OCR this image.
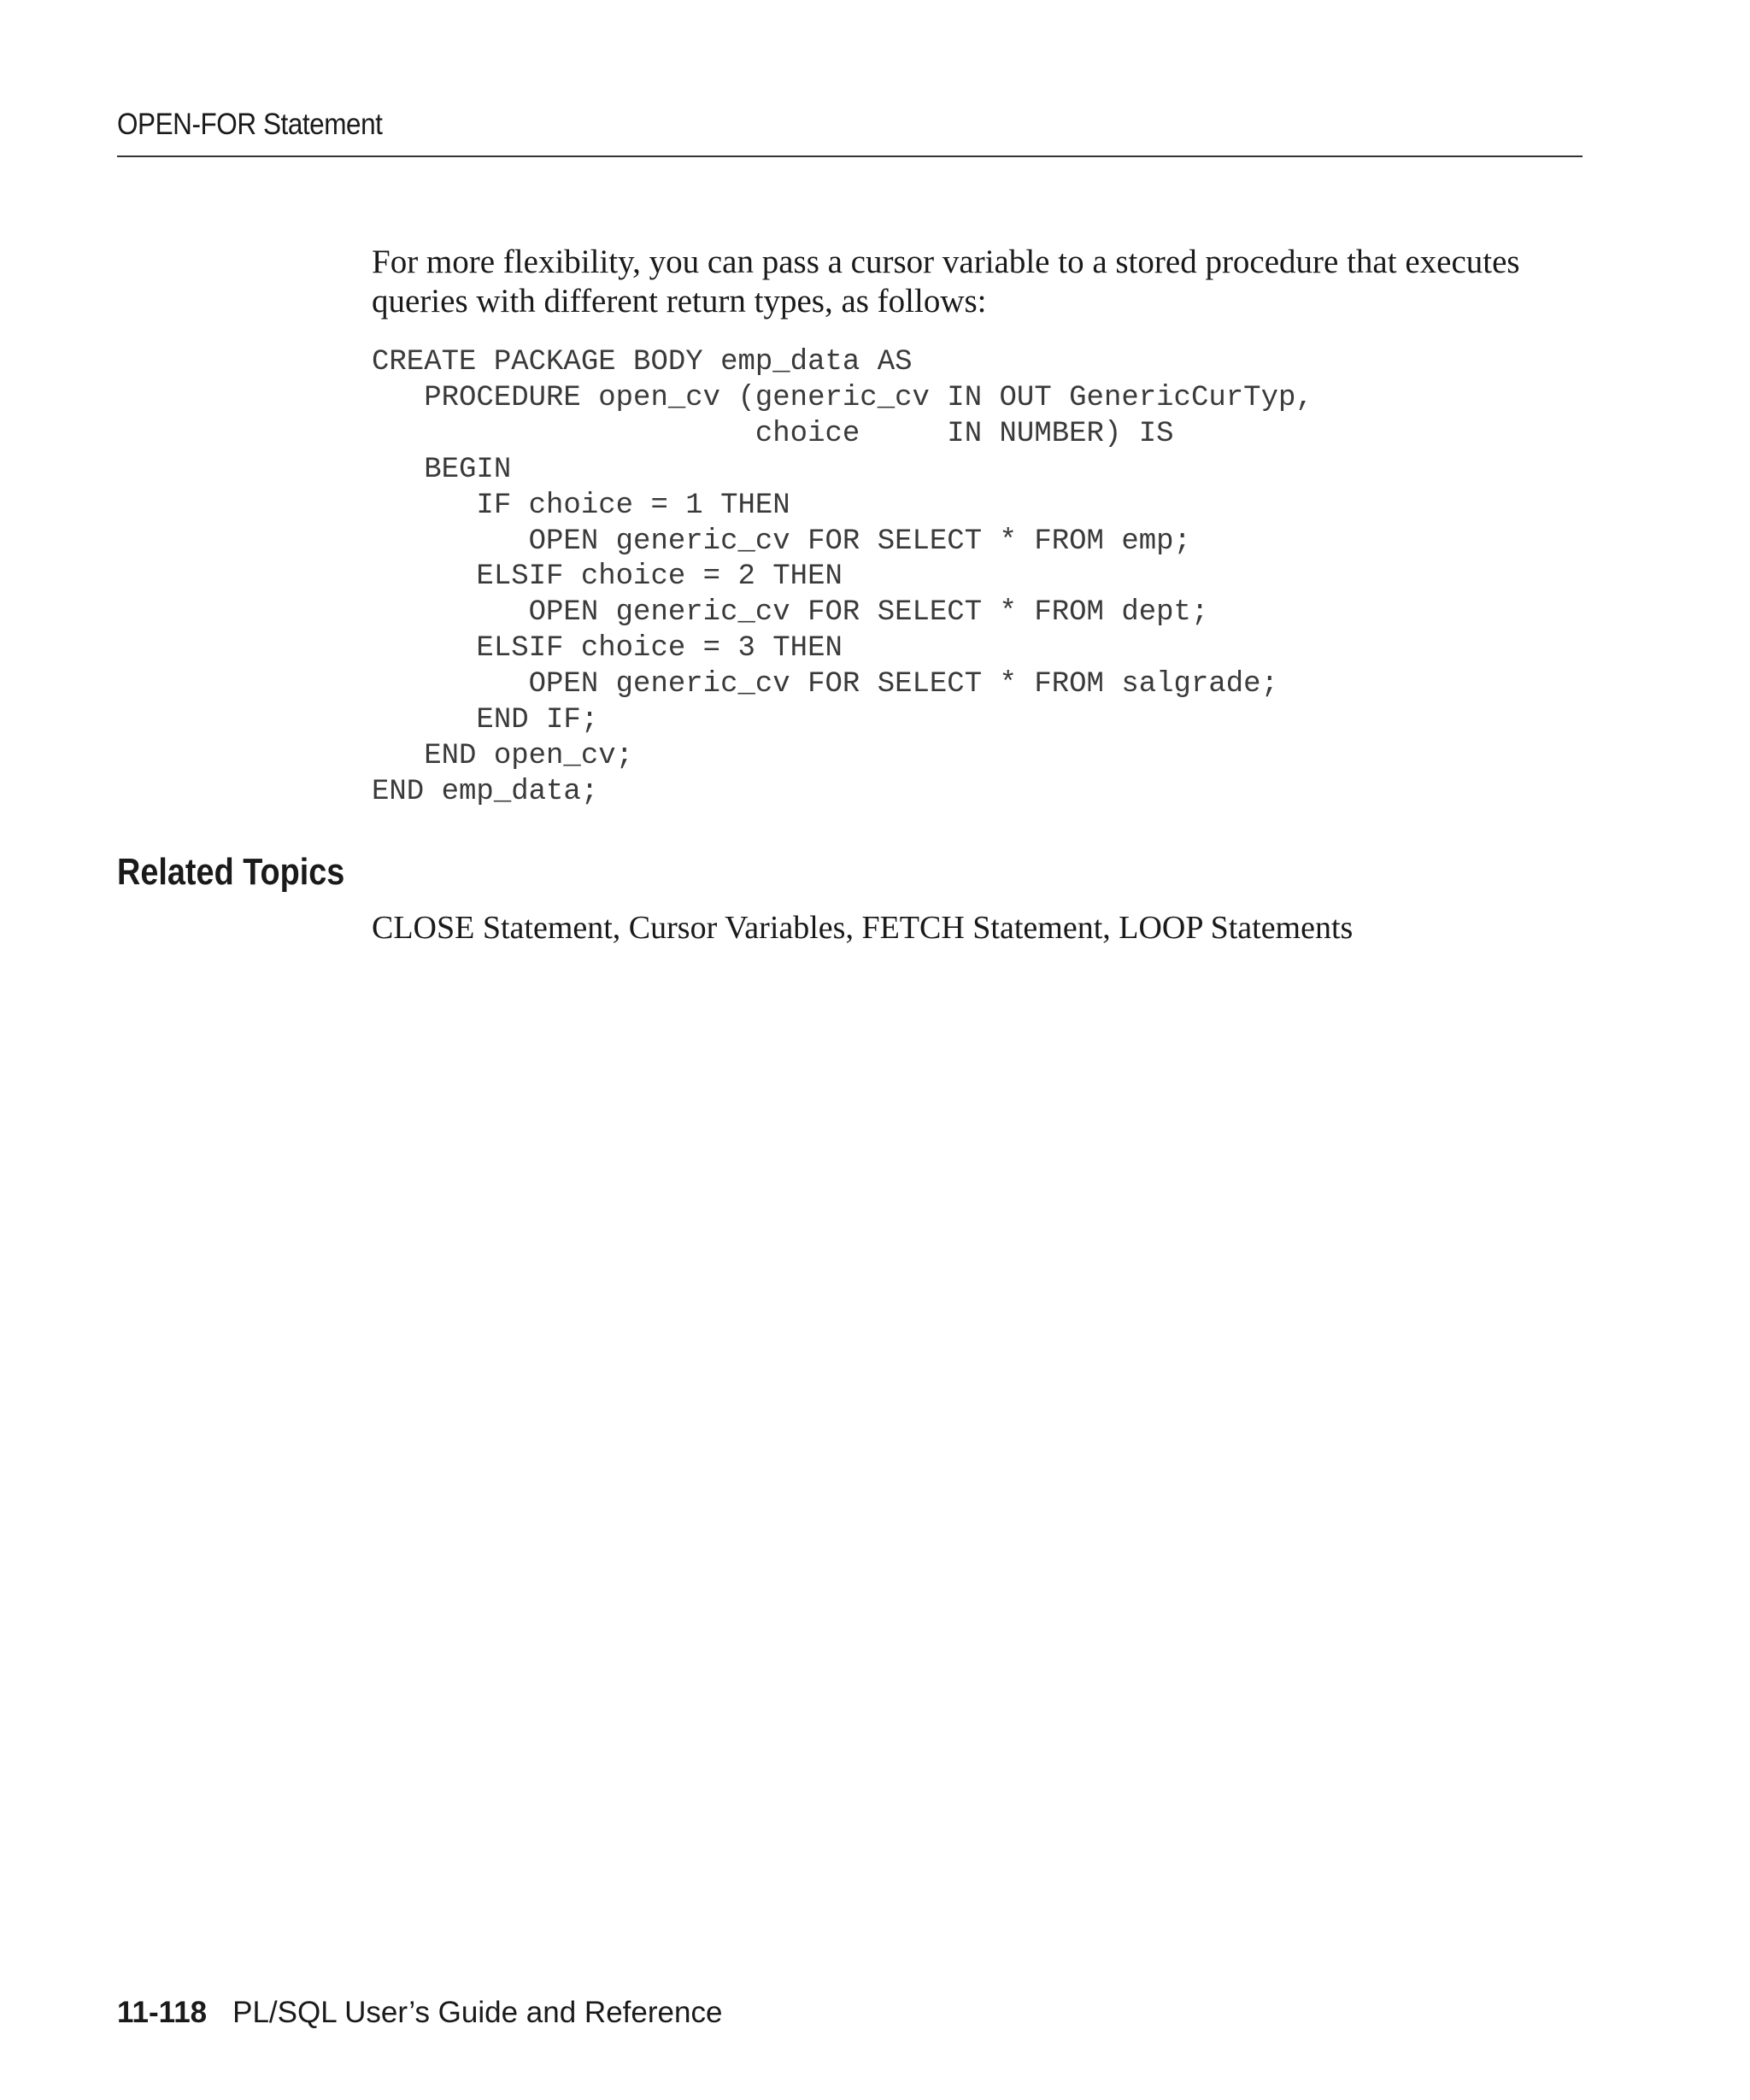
OPEN-FOR Statement

For more flexibility, you can pass a cursor variable to a stored procedure that executes queries with different return types, as follows:

CREATE PACKAGE BODY emp_data AS
PROCEDURE open_cv (generic_cv IN OUT GenericCurTyp,
choice     IN NUMBER) IS
BEGIN
IF choice = 1 THEN
OPEN generic_cv FOR SELECT * FROM emp;
ELSIF choice = 2 THEN
OPEN generic_cv FOR SELECT * FROM dept;
ELSIF choice = 3 THEN
OPEN generic_cv FOR SELECT * FROM salgrade;
END IF;
END open_cv;
END emp_data;
Related Topics

CLOSE Statement, Cursor Variables, FETCH Statement, LOOP Statements

11-118 PL/SQL User’s Guide and Reference
